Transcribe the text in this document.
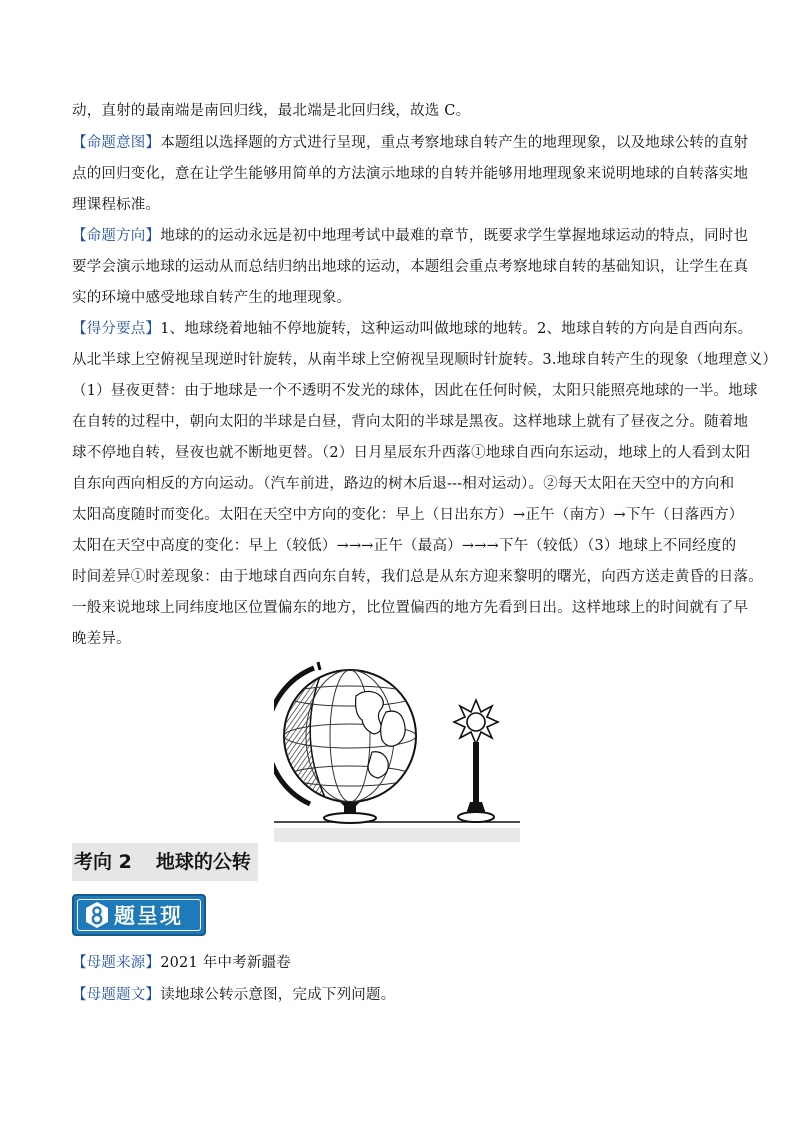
动，直射的最南端是南回归线，最北端是北回归线，故选 C。
【命题意图】本题组以选择题的方式进行呈现，重点考察地球自转产生的地理现象，以及地球公转的直射
点的回归变化，意在让学生能够用简单的方法演示地球的自转并能够用地理现象来说明地球的自转落实地
理课程标准。
【命题方向】地球的的运动永远是初中地理考试中最难的章节，既要求学生掌握地球运动的特点，同时也
要学会演示地球的运动从而总结归纳出地球的运动，本题组会重点考察地球自转的基础知识，让学生在真
实的环境中感受地球自转产生的地理现象。
【得分要点】1、地球绕着地轴不停地旋转，这种运动叫做地球的地转。2、地球自转的方向是自西向东。
从北半球上空俯视呈现逆时针旋转，从南半球上空俯视呈现顺时针旋转。3.地球自转产生的现象（地理意义）
（1）昼夜更替：由于地球是一个不透明不发光的球体，因此在任何时候，太阳只能照亮地球的一半。地球
在自转的过程中，朝向太阳的半球是白昼，背向太阳的半球是黑夜。这样地球上就有了昼夜之分。随着地
球不停地自转，昼夜也就不断地更替。（2）日月星辰东升西落①地球自西向东运动，地球上的人看到太阳
自东向西向相反的方向运动。（汽车前进，路边的树木后退---相对运动）。②每天太阳在天空中的方向和
太阳高度随时而变化。太阳在天空中方向的变化：早上（日出东方）→正午（南方）→下午（日落西方）
太阳在天空中高度的变化：早上（较低）→→→正午（最高）→→→下午（较低）（3）地球上不同经度的
时间差异①时差现象：由于地球自西向东自转，我们总是从东方迎来黎明的曙光，向西方送走黄昏的日落。
一般来说地球上同纬度地区位置偏东的地方，比位置偏西的地方先看到日出。这样地球上的时间就有了早
晚差异。
考向 2 地球的公转
题呈现
【母题来源】2021 年中考新疆卷
【母题题文】读地球公转示意图，完成下列问题。
